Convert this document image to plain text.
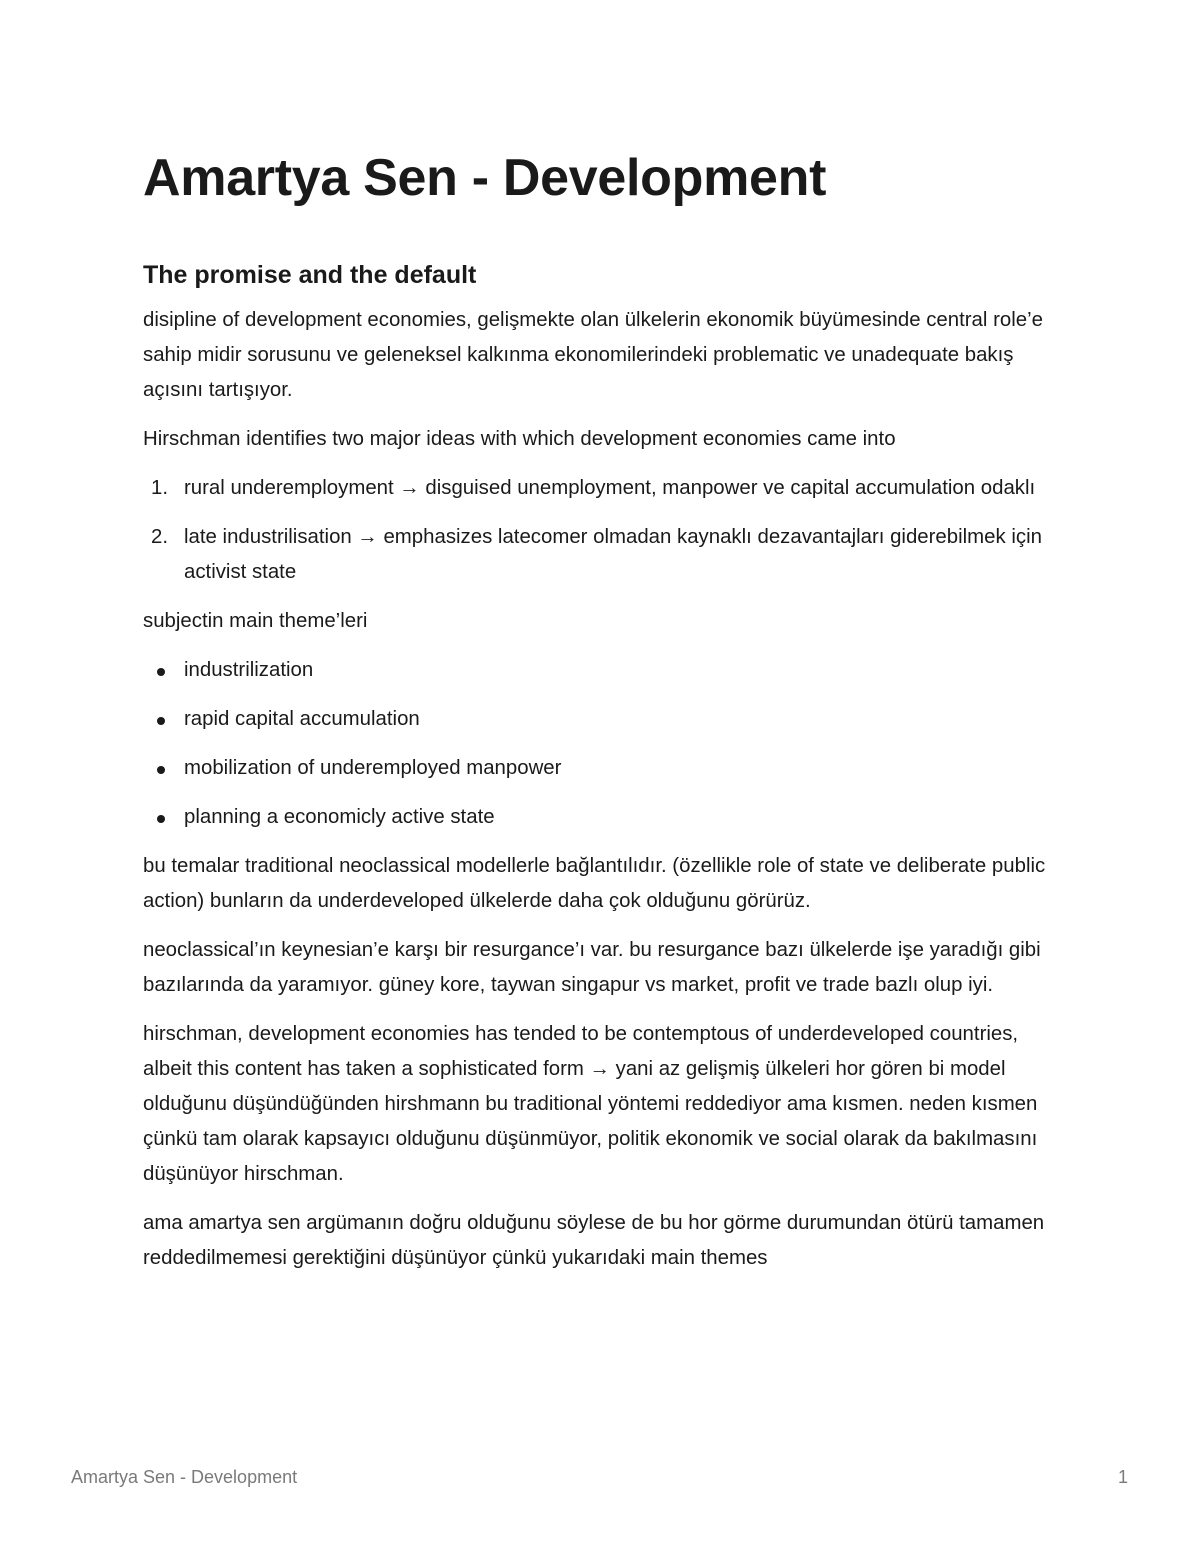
Amartya Sen - Development
The promise and the default

disipline of development economies, gelişmekte olan ülkelerin ekonomik büyümesinde central role’e sahip midir sorusunu ve geleneksel kalkınma ekonomilerindeki problematic ve unadequate bakış açısını tartışıyor.

Hirschman identifies two major ideas with which development economies came into

1. rural underemployment → disguised unemployment, manpower ve capital accumulation odaklı
2. late industrilisation → emphasizes latecomer olmadan kaynaklı dezavantajları giderebilmek için activist state

subjectin main theme’leri

industrilization
rapid capital accumulation
mobilization of underemployed manpower
planning a economicly active state

bu temalar traditional neoclassical modellerle bağlantılıdır. (özellikle role of state ve deliberate public action) bunların da underdeveloped ülkelerde daha çok olduğunu görürüz.

neoclassical’ın keynesian’e karşı bir resurgance’ı var. bu resurgance bazı ülkelerde işe yaradığı gibi bazılarında da yaramıyor. güney kore, taywan singapur vs market, profit ve trade bazlı olup iyi.

hirschman, development economies has tended to be contemptous of underdeveloped countries, albeit this content has taken a sophisticated form → yani az gelişmiş ülkeleri hor gören bi model olduğunu düşündüğünden hirshmann bu traditional yöntemi reddediyor ama kısmen. neden kısmen çünkü tam olarak kapsayıcı olduğunu düşünmüyor, politik ekonomik ve social olarak da bakılmasını düşünüyor hirschman.

ama amartya sen argümanın doğru olduğunu söylese de bu hor görme durumundan ötürü tamamen reddedilmemesi gerektiğini düşünüyor çünkü yukarıdaki main themes

Amartya Sen - Development	1
